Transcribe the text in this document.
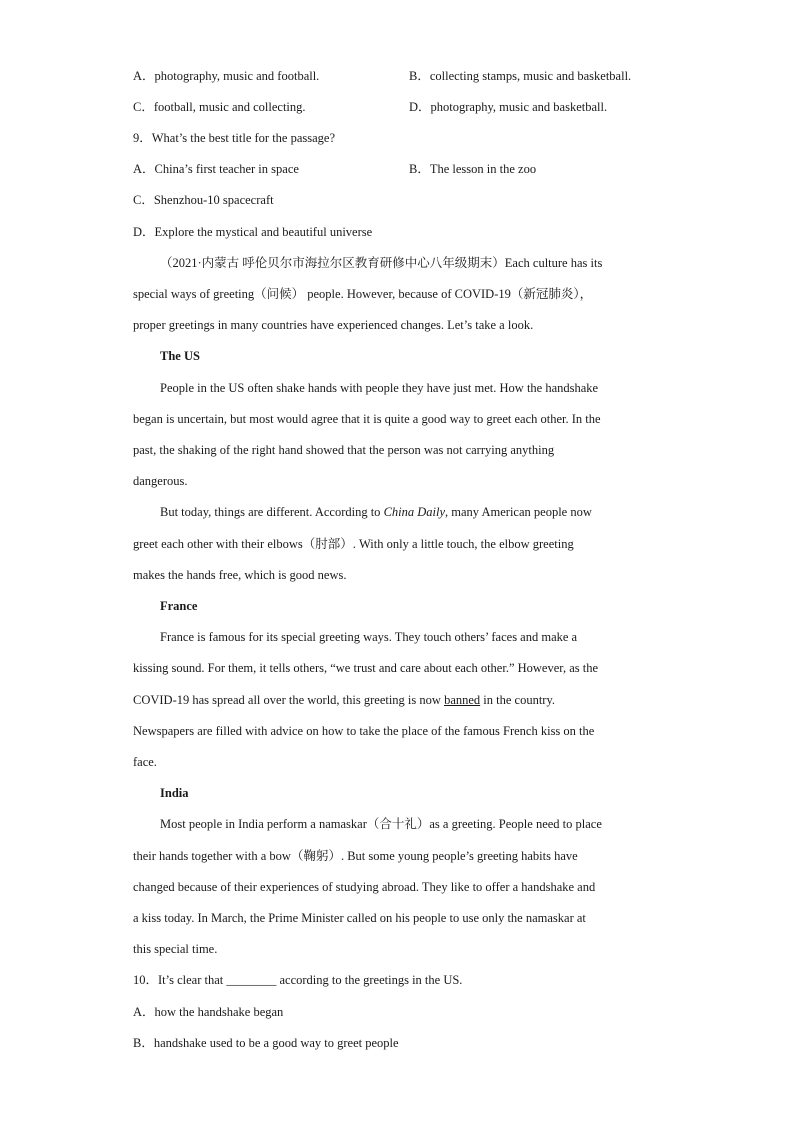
A．photography, music and football.	B．collecting stamps, music and basketball.
C．football, music and collecting.	D．photography, music and basketball.
9．What’s the best title for the passage?
A．China’s first teacher in space	B．The lesson in the zoo
C．Shenzhou-10 spacecraft
D．Explore the mystical and beautiful universe
（2021·内蒙古 呼伦贝尔市海拉尔区教育研修中心八年级期末）Each culture has its
special ways of greeting（问候） people. However, because of COVID-19（新冠肺炎），
proper greetings in many countries have experienced changes. Let’s take a look.
The US
People in the US often shake hands with people they have just met. How the handshake
began is uncertain, but most would agree that it is quite a good way to greet each other. In the
past, the shaking of the right hand showed that the person was not carrying anything
dangerous.
But today, things are different. According to China Daily, many American people now
greet each other with their elbows（肘部）. With only a little touch, the elbow greeting
makes the hands free, which is good news.
France
France is famous for its special greeting ways. They touch others’ faces and make a
kissing sound. For them, it tells others, “we trust and care about each other.” However, as the
COVID-19 has spread all over the world, this greeting is now banned in the country.
Newspapers are filled with advice on how to take the place of the famous French kiss on the
face.
India
Most people in India perform a namaskar（合十礼）as a greeting. People need to place
their hands together with a bow（鞠躬）. But some young people’s greeting habits have
changed because of their experiences of studying abroad. They like to offer a handshake and
a kiss today. In March, the Prime Minister called on his people to use only the namaskar at
this special time.
10．It’s clear that ________ according to the greetings in the US.
A．how the handshake began
B．handshake used to be a good way to greet people
